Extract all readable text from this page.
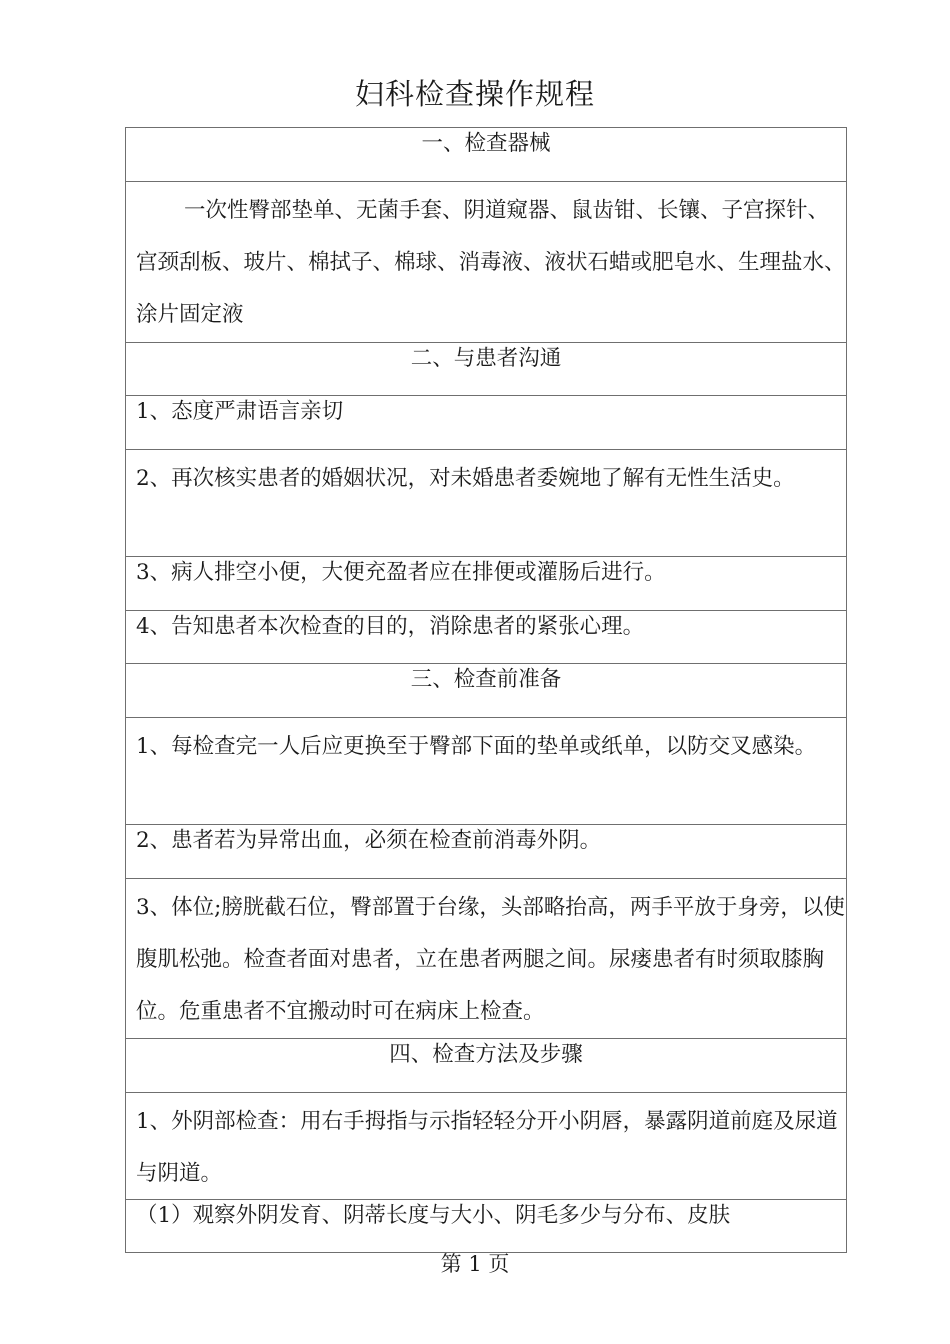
妇科检查操作规程
一、检查器械
一次性臀部垫单、无菌手套、阴道窥器、鼠齿钳、长镶、子宫探针、宫颈刮板、玻片、棉拭子、棉球、消毒液、液状石蜡或肥皂水、生理盐水、涂片固定液
二、与患者沟通
1、态度严肃语言亲切
2、再次核实患者的婚姻状况，对未婚患者委婉地了解有无性生活史。
3、病人排空小便，大便充盈者应在排便或灌肠后进行。
4、告知患者本次检查的目的，消除患者的紧张心理。
三、检查前准备
1、每检查完一人后应更换至于臀部下面的垫单或纸单，以防交叉感染。
2、患者若为异常出血，必须在检查前消毒外阴。
3、体位;膀胱截石位，臀部置于台缘，头部略抬高，两手平放于身旁，以使腹肌松弛。检查者面对患者，立在患者两腿之间。尿瘘患者有时须取膝胸位。危重患者不宜搬动时可在病床上检查。
四、检查方法及步骤
1、外阴部检查：用右手拇指与示指轻轻分开小阴唇，暴露阴道前庭及尿道与阴道。
（1）观察外阴发育、阴蒂长度与大小、阴毛多少与分布、皮肤
第 1 页
